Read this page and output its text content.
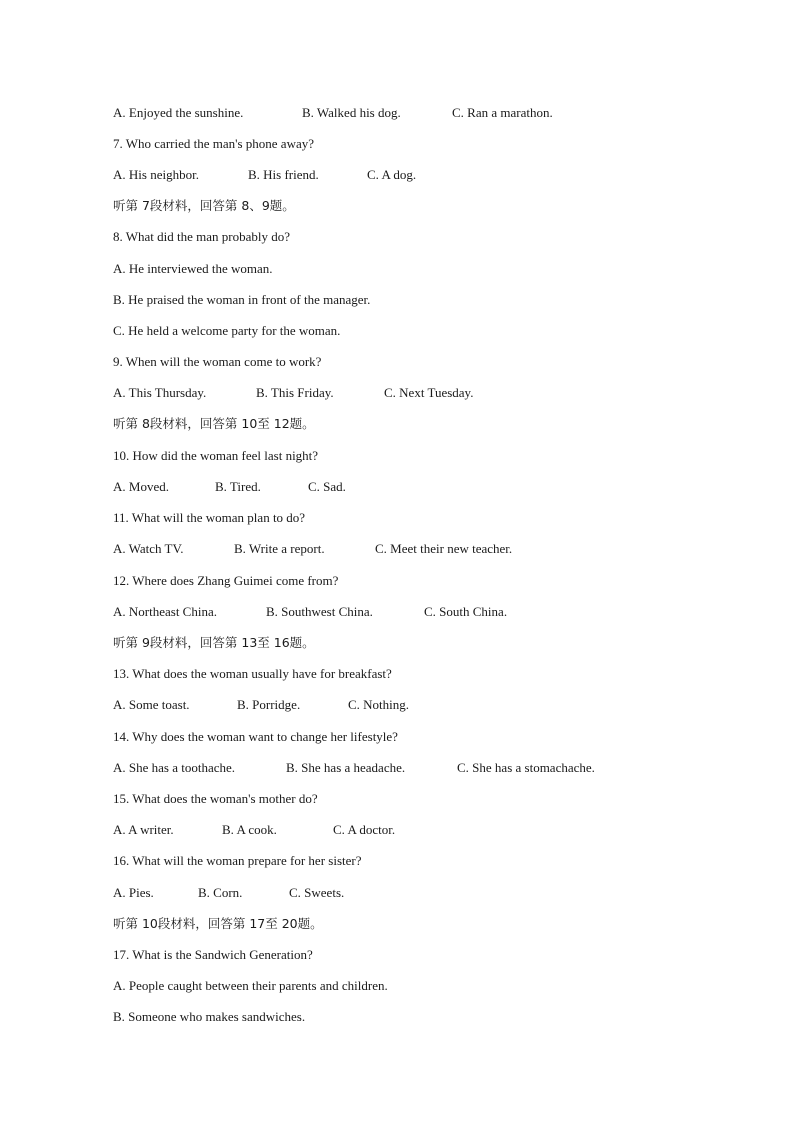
A. Enjoyed the sunshine.	B. Walked his dog.	C. Ran a marathon.
7. Who carried the man's phone away?
A. His neighbor.	B. His friend.	C. A dog.
听第 7段材料，回答第 8、9题。
8. What did the man probably do?
A. He interviewed the woman.
B. He praised the woman in front of the manager.
C. He held a welcome party for the woman.
9. When will the woman come to work?
A. This Thursday.	B. This Friday.	C. Next Tuesday.
听第 8段材料，回答第 10至 12题。
10. How did the woman feel last night?
A. Moved.	B. Tired.	C. Sad.
11. What will the woman plan to do?
A. Watch TV.	B. Write a report.	C. Meet their new teacher.
12. Where does Zhang Guimei come from?
A. Northeast China.	B. Southwest China.	C. South China.
听第 9段材料，回答第 13至 16题。
13. What does the woman usually have for breakfast?
A. Some toast.	B. Porridge.	C. Nothing.
14. Why does the woman want to change her lifestyle?
A. She has a toothache.	B. She has a headache.	C. She has a stomachache.
15. What does the woman's mother do?
A. A writer.	B. A cook.	C. A doctor.
16. What will the woman prepare for her sister?
A. Pies.	B. Corn.	C. Sweets.
听第 10段材料，回答第 17至 20题。
17. What is the Sandwich Generation?
A. People caught between their parents and children.
B. Someone who makes sandwiches.
